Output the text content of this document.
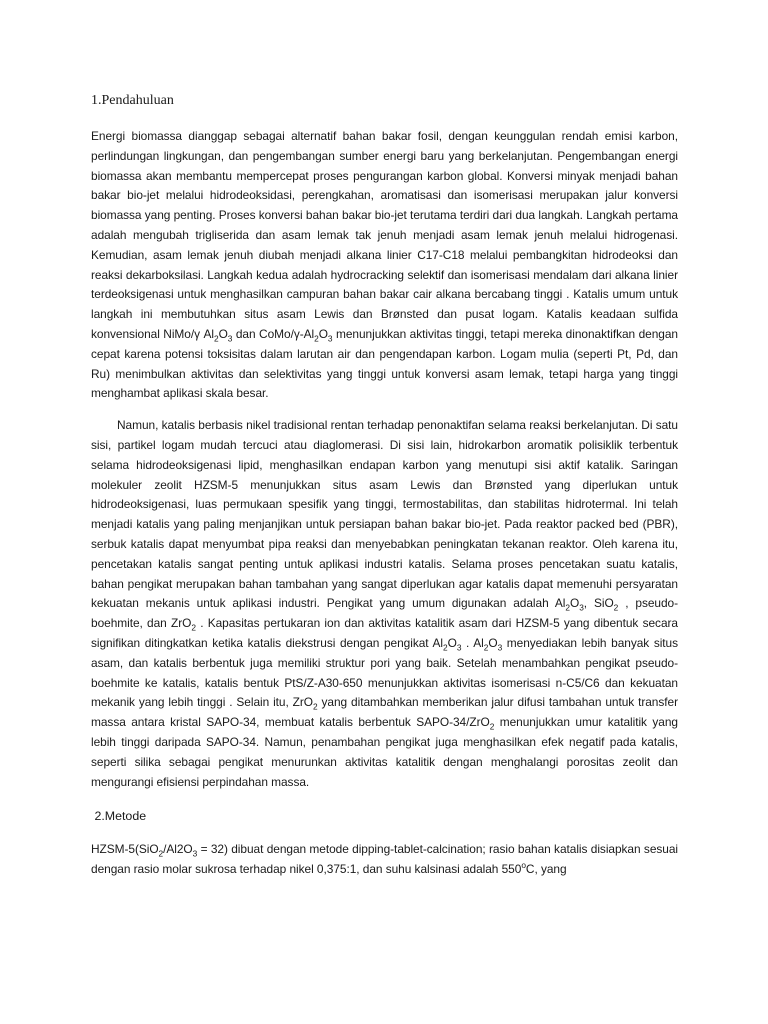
1.Pendahuluan

Energi biomassa dianggap sebagai alternatif bahan bakar fosil, dengan keunggulan rendah emisi karbon, perlindungan lingkungan, dan pengembangan sumber energi baru yang berkelanjutan. Pengembangan energi biomassa akan membantu mempercepat proses pengurangan karbon global. Konversi minyak menjadi bahan bakar bio-jet melalui hidrodeoksidasi, perengkahan, aromatisasi dan isomerisasi merupakan jalur konversi biomassa yang penting. Proses konversi bahan bakar bio-jet terutama terdiri dari dua langkah. Langkah pertama adalah mengubah trigliserida dan asam lemak tak jenuh menjadi asam lemak jenuh melalui hidrogenasi. Kemudian, asam lemak jenuh diubah menjadi alkana linier C17-C18 melalui pembangkitan hidrodeoksi dan reaksi dekarboksilasi. Langkah kedua adalah hydrocracking selektif dan isomerisasi mendalam dari alkana linier terdeoksigenasi untuk menghasilkan campuran bahan bakar cair alkana bercabang tinggi . Katalis umum untuk langkah ini membutuhkan situs asam Lewis dan Brønsted dan pusat logam. Katalis keadaan sulfida konvensional NiMo/γ $Al_2O_3$ dan CoMo/$\gamma-Al_2O_3$ menunjukkan aktivitas tinggi, tetapi mereka dinonaktifkan dengan cepat karena potensi toksisitas dalam larutan air dan pengendapan karbon. Logam mulia (seperti Pt, Pd, dan Ru) menimbulkan aktivitas dan selektivitas yang tinggi untuk konversi asam lemak, tetapi harga yang tinggi menghambat aplikasi skala besar.

Namun, katalis berbasis nikel tradisional rentan terhadap penonaktifan selama reaksi berkelanjutan. Di satu sisi, partikel logam mudah tercuci atau diaglomerasi. Di sisi lain, hidrokarbon aromatik polisiklik terbentuk selama hidrodeoksigenasi lipid, menghasilkan endapan karbon yang menutupi sisi aktif katalik. Saringan molekuler zeolit HZSM-5 menunjukkan situs asam Lewis dan Brønsted yang diperlukan untuk hidrodeoksigenasi, luas permukaan spesifik yang tinggi, termostabilitas, dan stabilitas hidrotermal. Ini telah menjadi katalis yang paling menjanjikan untuk persiapan bahan bakar bio-jet. Pada reaktor packed bed (PBR), serbuk katalis dapat menyumbat pipa reaksi dan menyebabkan peningkatan tekanan reaktor. Oleh karena itu, pencetakan katalis sangat penting untuk aplikasi industri katalis. Selama proses pencetakan suatu katalis, bahan pengikat merupakan bahan tambahan yang sangat diperlukan agar katalis dapat memenuhi persyaratan kekuatan mekanis untuk aplikasi industri. Pengikat yang umum digunakan adalah $Al_2O_3$, SiO$_2$ , pseudo-boehmite, dan ZrO$_2$ . Kapasitas pertukaran ion dan aktivitas katalitik asam dari HZSM-5 yang dibentuk secara signifikan ditingkatkan ketika katalis diekstrusi dengan pengikat $Al_2O_3$ . $Al_2O_3$ menyediakan lebih banyak situs asam, dan katalis berbentuk juga memiliki struktur pori yang baik. Setelah menambahkan pengikat pseudo-boehmite ke katalis, katalis bentuk PtS/Z-A30-650 menunjukkan aktivitas isomerisasi n-C5/C6 dan kekuatan mekanik yang lebih tinggi . Selain itu, ZrO$_2$ yang ditambahkan memberikan jalur difusi tambahan untuk transfer massa antara kristal SAPO-34, membuat katalis berbentuk SAPO-34/ZrO$_2$ menunjukkan umur katalitik yang lebih tinggi daripada SAPO-34. Namun, penambahan pengikat juga menghasilkan efek negatif pada katalis, seperti silika sebagai pengikat menurunkan aktivitas katalitik dengan menghalangi porositas zeolit dan mengurangi efisiensi perpindahan massa.

2.Metode

HZSM-$5(SiO_2/Al2O_3 = 32)$ dibuat dengan metode dipping-tablet-calcination; rasio bahan katalis disiapkan sesuai dengan rasio molar sukrosa terhadap nikel 0,375:1, dan suhu kalsinasi adalah 550$^o$C, yang
